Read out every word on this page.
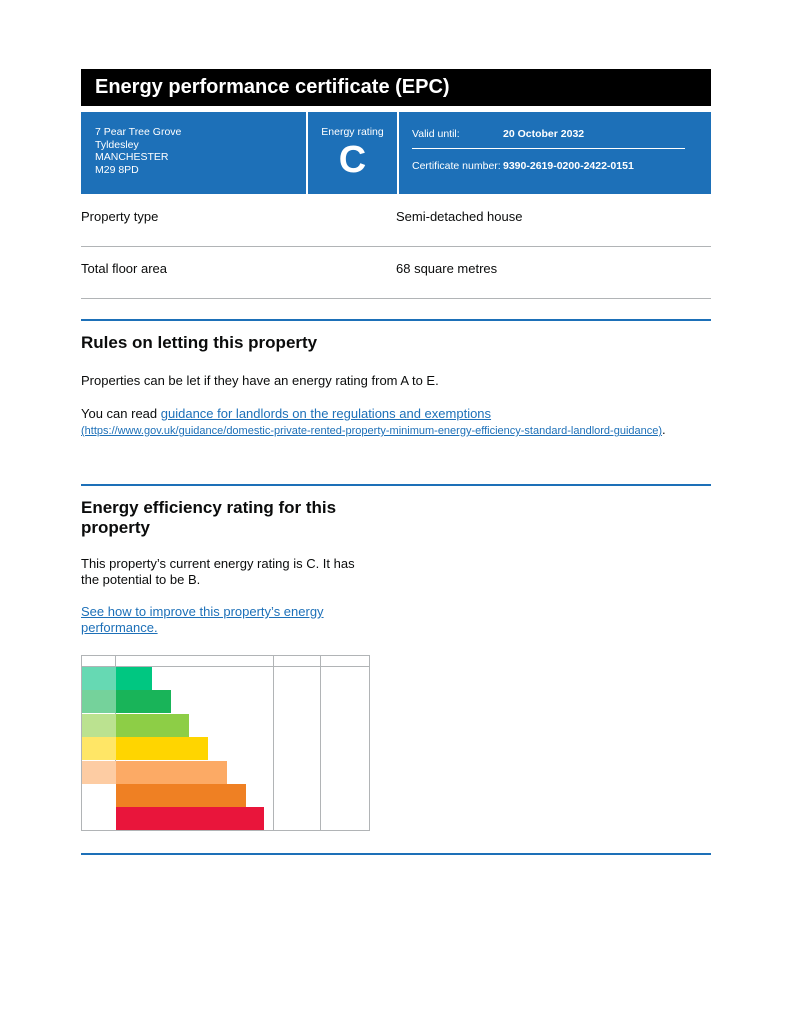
Energy performance certificate (EPC)
7 Pear Tree Grove
Tyldesley
MANCHESTER
M29 8PD
Energy rating
C
Valid until:	20 October 2032
Certificate number: 9390-2619-0200-2422-0151
Property type	Semi-detached house
Total floor area	68 square metres
Rules on letting this property
Properties can be let if they have an energy rating from A to E.
You can read guidance for landlords on the regulations and exemptions
(https://www.gov.uk/guidance/domestic-private-rented-property-minimum-energy-efficiency-standard-landlord-guidance).
Energy efficiency rating for this
property
This property’s current energy rating is C. It has
the potential to be B.
See how to improve this property’s energy
performance.
